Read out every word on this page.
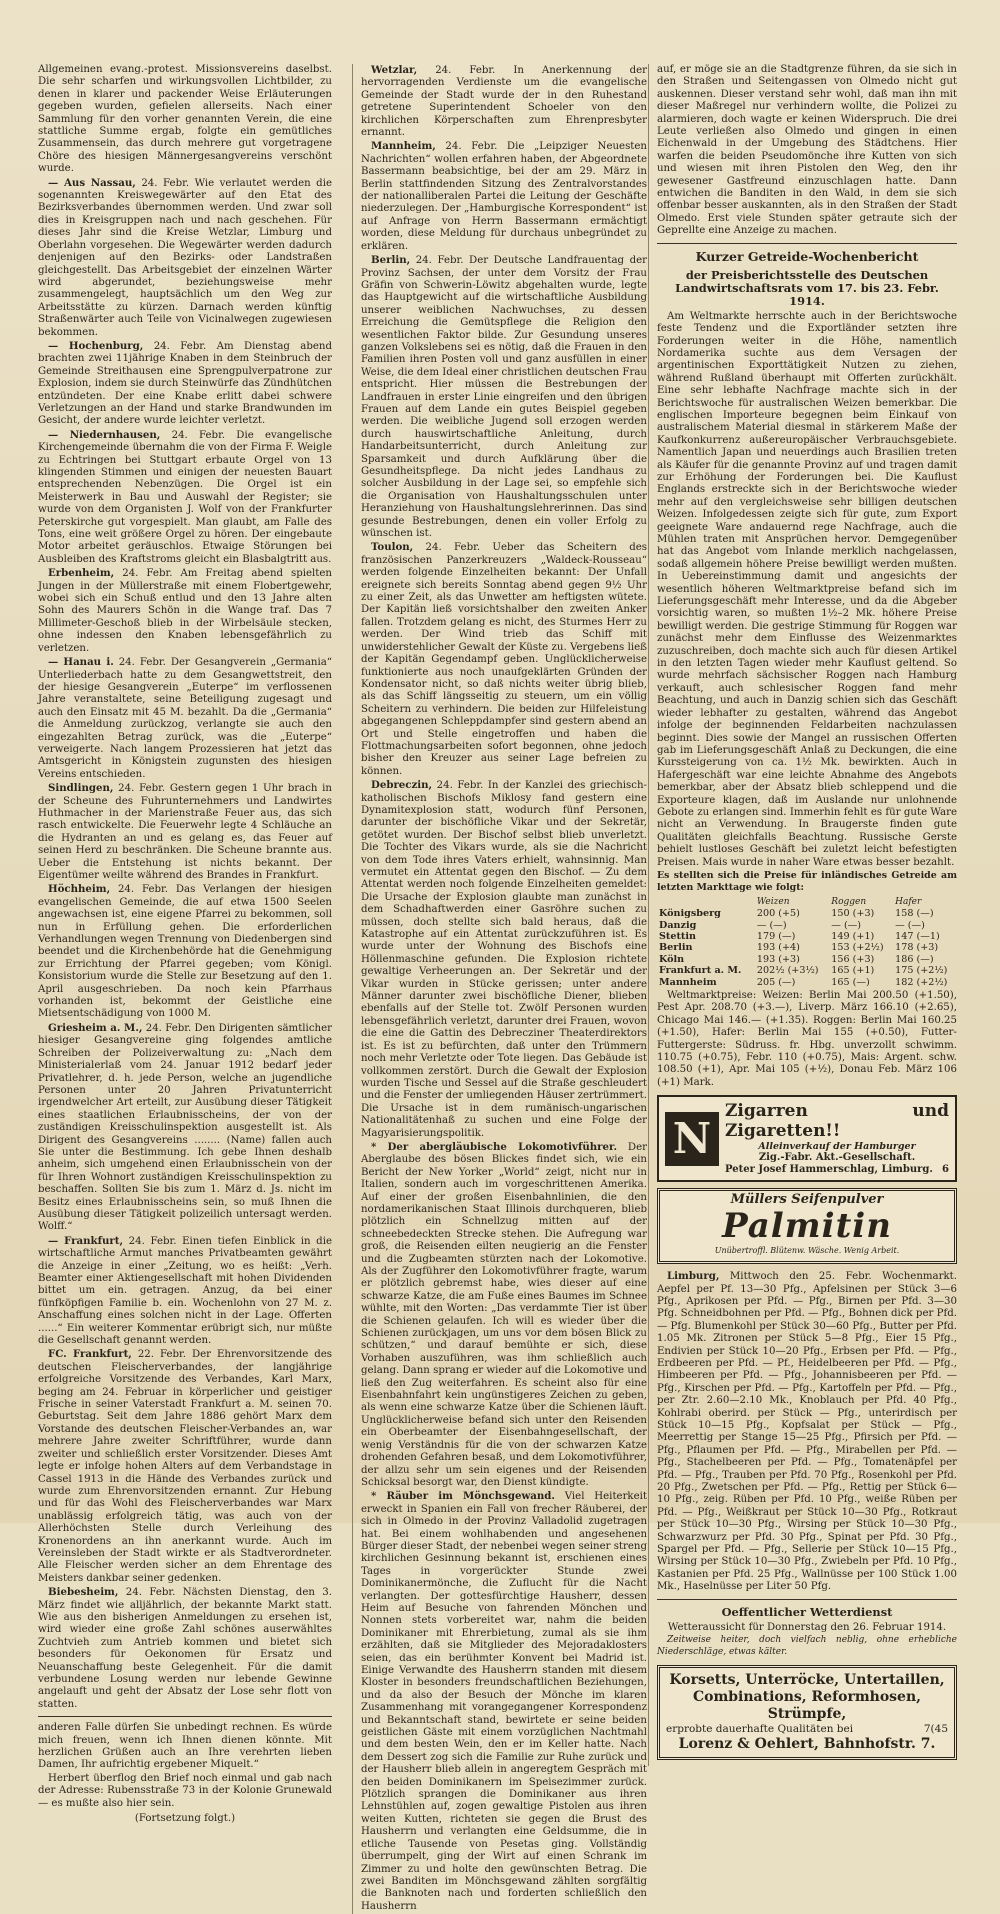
Allgemeinen evang.-protest. Missionsvereins daselbst. Die sehr scharfen und wirkungsvollen Lichtbilder, zu denen in klarer und packender Weise Erläuterungen gegeben wurden, gefielen allerseits. Nach einer Sammlung für den vorher genannten Verein, die eine stattliche Summe ergab, folgte ein gemütliches Zusammensein, das durch mehrere gut vorgetragene Chöre des hiesigen Männergesangvereins verschönt wurde.

— Aus Nassau, 24. Febr. Wie verlautet werden die sogenannten Kreiswegewärter auf den Etat des Bezirksverbandes übernommen werden. Und zwar soll dies in Kreisgruppen nach und nach geschehen. Für dieses Jahr sind die Kreise Wetzlar, Limburg und Oberlahn vorgesehen. Die Wegewärter werden dadurch denjenigen auf den Bezirks- oder Landstraßen gleichgestellt. Das Arbeitsgebiet der einzelnen Wärter wird abgerundet, beziehungsweise mehr zusammengelegt, hauptsächlich um den Weg zur Arbeitsstätte zu kürzen. Darnach werden künftig Straßenwärter auch Teile von Vicinalwegen zugewiesen bekommen.

— Hochenburg, 24. Febr. Am Dienstag abend brachten zwei 11jährige Knaben in dem Steinbruch der Gemeinde Streithausen eine Sprengpulverpatrone zur Explosion, indem sie durch Steinwürfe das Zündhütchen entzündeten. Der eine Knabe erlitt dabei schwere Verletzungen an der Hand und starke Brandwunden im Gesicht, der andere wurde leichter verletzt.

— Niedernhausen, 24. Febr. Die evangelische Kirchengemeinde übernahm die von der Firma F. Weigle zu Echtringen bei Stuttgart erbaute Orgel von 13 klingenden Stimmen und einigen der neuesten Bauart entsprechenden Nebenzügen. Die Orgel ist ein Meisterwerk in Bau und Auswahl der Register; sie wurde von dem Organisten J. Wolf von der Frankfurter Peterskirche gut vorgespielt. Man glaubt, am Falle des Tons, eine weit größere Orgel zu hören. Der eingebaute Motor arbeitet geräuschlos. Etwaige Störungen bei Ausbleiben des Kraftstroms gleicht ein Blasbalgtritt aus.

Erbenheim, 24. Febr. Am Freitag abend spielten Jungen in der Müllerstraße mit einem Flobertgewehr, wobei sich ein Schuß entlud und den 13 Jahre alten Sohn des Maurers Schön in die Wange traf. Das 7 Millimeter-Geschoß blieb in der Wirbelsäule stecken, ohne indessen den Knaben lebensgefährlich zu verletzen.

— Hanau i. 24. Febr. Der Gesangverein „Germania“ Unterliederbach hatte zu dem Gesangwettstreit, den der hiesige Gesangverein „Euterpe“ im verflossenen Jahre veranstaltete, seine Beteiligung zugesagt und auch den Einsatz mit 45 M. bezahlt. Da die „Germania“ die Anmeldung zurückzog, verlangte sie auch den eingezahlten Betrag zurück, was die „Euterpe“ verweigerte. Nach langem Prozessieren hat jetzt das Amtsgericht in Königstein zugunsten des hiesigen Vereins entschieden.

Sindlingen, 24. Febr. Gestern gegen 1 Uhr brach in der Scheune des Fuhrunternehmers und Landwirtes Huthmacher in der Marienstraße Feuer aus, das sich rasch entwickelte. Die Feuerwehr legte 4 Schläuche an die Hydranten an und es gelang es, das Feuer auf seinen Herd zu beschränken. Die Scheune brannte aus. Ueber die Entstehung ist nichts bekannt. Der Eigentümer weilte während des Brandes in Frankfurt.

Höchheim, 24. Febr. Das Verlangen der hiesigen evangelischen Gemeinde, die auf etwa 1500 Seelen angewachsen ist, eine eigene Pfarrei zu bekommen, soll nun in Erfüllung gehen. Die erforderlichen Verhandlungen wegen Trennung von Diedenbergen sind beendet und die Kirchenbehörde hat die Genehmigung zur Errichtung der Pfarrei gegeben; vom Königl. Konsistorium wurde die Stelle zur Besetzung auf den 1. April ausgeschrieben. Da noch kein Pfarrhaus vorhanden ist, bekommt der Geistliche eine Mietsentschädigung von 1000 M.

Griesheim a. M., 24. Febr. Den Dirigenten sämtlicher hiesiger Gesangvereine ging folgendes amtliche Schreiben der Polizeiverwaltung zu: „Nach dem Ministerialerlaß vom 24. Januar 1912 bedarf jeder Privatlehrer, d. h. jede Person, welche an jugendliche Personen unter 20 Jahren Privatunterricht irgendwelcher Art erteilt, zur Ausübung dieser Tätigkeit eines staatlichen Erlaubnisscheins, der von der zuständigen Kreisschulinspektion ausgestellt ist. Als Dirigent des Gesangvereins ........ (Name) fallen auch Sie unter die Bestimmung. Ich gebe Ihnen deshalb anheim, sich umgehend einen Erlaubnisschein von der für Ihren Wohnort zuständigen Kreisschulinspektion zu beschaffen. Sollten Sie bis zum 1. März d. Js. nicht im Besitz eines Erlaubnisscheins sein, so muß Ihnen die Ausübung dieser Tätigkeit polizeilich untersagt werden. Wolff.“

— Frankfurt, 24. Febr. Einen tiefen Einblick in die wirtschaftliche Armut manches Privatbeamten gewährt die Anzeige in einer „Zeitung, wo es heißt: „Verh. Beamter einer Aktiengesellschaft mit hohen Dividenden bittet um ein. getragen. Anzug, da bei einer fünfköpfigen Familie b. ein. Wochenlohn von 27 M. z. Anschaffung eines solchen nicht in der Lage. Offerten ......“ Ein weiterer Kommentar erübrigt sich, nur müßte die Gesellschaft genannt werden.

FC. Frankfurt, 22. Febr. Der Ehrenvorsitzende des deutschen Fleischerverbandes, der langjährige erfolgreiche Vorsitzende des Verbandes, Karl Marx, beging am 24. Februar in körperlicher und geistiger Frische in seiner Vaterstadt Frankfurt a. M. seinen 70. Geburtstag. Seit dem Jahre 1886 gehört Marx dem Vorstande des deutschen Fleischer-Verbandes an, war mehrere Jahre zweiter Schriftführer, wurde dann zweiter und schließlich erster Vorsitzender. Dieses Amt legte er infolge hohen Alters auf dem Verbandstage in Cassel 1913 in die Hände des Verbandes zurück und wurde zum Ehrenvorsitzenden ernannt. Zur Hebung und für das Wohl des Fleischerverbandes war Marx unablässig erfolgreich tätig, was auch von der Allerhöchsten Stelle durch Verleihung des Kronenordens an ihn anerkannt wurde. Auch im Vereinsleben der Stadt wirkte er als Stadtverordneter. Alle Fleischer werden sicher an dem Ehrentage des Meisters dankbar seiner gedenken.

Biebesheim, 24. Febr. Nächsten Dienstag, den 3. März findet wie alljährlich, der bekannte Markt statt. Wie aus den bisherigen Anmeldungen zu ersehen ist, wird wieder eine große Zahl schönes auserwähltes Zuchtvieh zum Antrieb kommen und bietet sich besonders für Oekonomen für Ersatz und Neuanschaffung beste Gelegenheit. Für die damit verbundene Losung werden nur lebende Gewinne angelauft und geht der Absatz der Lose sehr flott von statten.

anderen Falle dürfen Sie unbedingt rechnen. Es würde mich freuen, wenn ich Ihnen dienen könnte. Mit herzlichen Grüßen auch an Ihre verehrten lieben Damen, Ihr aufrichtig ergebener Miquelt.“

Herbert überflog den Brief noch einmal und gab nach der Adresse: Rubensstraße 73 in der Kolonie Grunewald — es mußte also hier sein.

(Fortsetzung folgt.)

Wetzlar, 24. Febr. In Anerkennung der hervorragenden Verdienste um die evangelische Gemeinde der Stadt wurde der in den Ruhestand getretene Superintendent Schoeler von den kirchlichen Körperschaften zum Ehrenpresbyter ernannt.

Mannheim, 24. Febr. Die „Leipziger Neuesten Nachrichten“ wollen erfahren haben, der Abgeordnete Bassermann beabsichtige, bei der am 29. März in Berlin stattfindenden Sitzung des Zentralvorstandes der nationalliberalen Partei die Leitung der Geschäfte niederzulegen. Der „Hamburgische Korrespondent“ ist auf Anfrage von Herrn Bassermann ermächtigt worden, diese Meldung für durchaus unbegründet zu erklären.

Berlin, 24. Febr. Der Deutsche Landfrauentag der Provinz Sachsen, der unter dem Vorsitz der Frau Gräfin von Schwerin-Löwitz abgehalten wurde, legte das Hauptgewicht auf die wirtschaftliche Ausbildung unserer weiblichen Nachwuchses, zu dessen Erreichung die Gemütspflege die Religion den wesentlichen Faktor bilde. Zur Gesundung unseres ganzen Volkslebens sei es nötig, daß die Frauen in den Familien ihren Posten voll und ganz ausfüllen in einer Weise, die dem Ideal einer christlichen deutschen Frau entspricht. Hier müssen die Bestrebungen der Landfrauen in erster Linie eingreifen und den übrigen Frauen auf dem Lande ein gutes Beispiel gegeben werden. Die weibliche Jugend soll erzogen werden durch hauswirtschaftliche Anleitung, durch Handarbeitsunterricht, durch Anleitung zur Sparsamkeit und durch Aufklärung über die Gesundheitspflege. Da nicht jedes Landhaus zu solcher Ausbildung in der Lage sei, so empfehle sich die Organisation von Haushaltungsschulen unter Heranziehung von Haushaltungslehrerinnen. Das sind gesunde Bestrebungen, denen ein voller Erfolg zu wünschen ist.

Toulon, 24. Febr. Ueber das Scheitern des französischen Panzerkreuzers „Waldeck-Rousseau“ werden folgende Einzelheiten bekannt: Der Unfall ereignete sich bereits Sonntag abend gegen 9½ Uhr zu einer Zeit, als das Unwetter am heftigsten wütete. Der Kapitän ließ vorsichtshalber den zweiten Anker fallen. Trotzdem gelang es nicht, des Sturmes Herr zu werden. Der Wind trieb das Schiff mit unwiderstehlicher Gewalt der Küste zu. Vergebens ließ der Kapitän Gegendampf geben. Unglücklicherweise funktionierte aus noch unaufgeklärten Gründen der Kondensator nicht, so daß nichts weiter übrig blieb, als das Schiff längsseitig zu steuern, um ein völlig Scheitern zu verhindern. Die beiden zur Hilfeleistung abgegangenen Schleppdampfer sind gestern abend an Ort und Stelle eingetroffen und haben die Flottmachungsarbeiten sofort begonnen, ohne jedoch bisher den Kreuzer aus seiner Lage befreien zu können.

Debreczin, 24. Febr. In der Kanzlei des griechisch-katholischen Bischofs Miklosy fand gestern eine Dynamitexplosion statt, wodurch fünf Personen, darunter der bischöfliche Vikar und der Sekretär, getötet wurden. Der Bischof selbst blieb unverletzt. Die Tochter des Vikars wurde, als sie die Nachricht von dem Tode ihres Vaters erhielt, wahnsinnig. Man vermutet ein Attentat gegen den Bischof. — Zu dem Attentat werden noch folgende Einzelheiten gemeldet: Die Ursache der Explosion glaubte man zunächst in dem Schadhaftwerden einer Gasröhre suchen zu müssen, doch stellte sich bald heraus, daß die Katastrophe auf ein Attentat zurückzuführen ist. Es wurde unter der Wohnung des Bischofs eine Höllenmaschine gefunden. Die Explosion richtete gewaltige Verheerungen an. Der Sekretär und der Vikar wurden in Stücke gerissen; unter andere Männer darunter zwei bischöfliche Diener, blieben ebenfalls auf der Stelle tot. Zwölf Personen wurden lebensgefährlich verletzt, darunter drei Frauen, wovon die eine die Gattin des Debrecziner Theaterdirektors ist. Es ist zu befürchten, daß unter den Trümmern noch mehr Verletzte oder Tote liegen. Das Gebäude ist vollkommen zerstört. Durch die Gewalt der Explosion wurden Tische und Sessel auf die Straße geschleudert und die Fenster der umliegenden Häuser zertrümmert. Die Ursache ist in dem rumänisch-ungarischen Nationalitätenhaß zu suchen und eine Folge der Magyarisierungspolitik.

* Der abergläubische Lokomotivführer. Der Aberglaube des bösen Blickes findet sich, wie ein Bericht der New Yorker „World“ zeigt, nicht nur in Italien, sondern auch im vorgeschrittenen Amerika. Auf einer der großen Eisenbahnlinien, die den nordamerikanischen Staat Illinois durchqueren, blieb plötzlich ein Schnellzug mitten auf der schneebedeckten Strecke stehen. Die Aufregung war groß, die Reisenden eilten neugierig an die Fenster und die Zugbeamten stürzten nach der Lokomotive. Als der Zugführer den Lokomotivführer fragte, warum er plötzlich gebremst habe, wies dieser auf eine schwarze Katze, die am Fuße eines Baumes im Schnee wühlte, mit den Worten: „Das verdammte Tier ist über die Schienen gelaufen. Ich will es wieder über die Schienen zurückjagen, um uns vor dem bösen Blick zu schützen,“ und darauf bemühte er sich, diese Vorhaben auszuführen, was ihm schließlich auch gelang. Dann sprang er wieder auf die Lokomotive und ließ den Zug weiterfahren. Es scheint also für eine Eisenbahnfahrt kein ungünstigeres Zeichen zu geben, als wenn eine schwarze Katze über die Schienen läuft. Unglücklicherweise befand sich unter den Reisenden ein Oberbeamter der Eisenbahngesellschaft, der wenig Verständnis für die von der schwarzen Katze drohenden Gefahren besaß, und dem Lokomotivführer, der allzu sehr um sein eigenes und der Reisenden Schicksal besorgt war, den Dienst kündigte.

* Räuber im Mönchsgewand. Viel Heiterkeit erweckt in Spanien ein Fall von frecher Räuberei, der sich in Olmedo in der Provinz Valladolid zugetragen hat. Bei einem wohlhabenden und angesehenen Bürger dieser Stadt, der nebenbei wegen seiner streng kirchlichen Gesinnung bekannt ist, erschienen eines Tages in vorgerückter Stunde zwei Dominikanermönche, die Zuflucht für die Nacht verlangten. Der gottesfürchtige Hausherr, dessen Heim auf Besuche von fahrenden Mönchen und Nonnen stets vorbereitet war, nahm die beiden Dominikaner mit Ehrerbietung, zumal als sie ihm erzählten, daß sie Mitglieder des Mejoradaklosters seien, das ein berühmter Konvent bei Madrid ist. Einige Verwandte des Hausherrn standen mit diesem Kloster in besonders freundschaftlichen Beziehungen, und da also der Besuch der Mönche im klaren Zusammenhang mit vorangegangener Korrespondenz und Bekanntschaft stand, bewirtete er seine beiden geistlichen Gäste mit einem vorzüglichen Nachtmahl und dem besten Wein, den er im Keller hatte. Nach dem Dessert zog sich die Familie zur Ruhe zurück und der Hausherr blieb allein in angeregtem Gespräch mit den beiden Dominikanern im Speisezimmer zurück. Plötzlich sprangen die Dominikaner aus ihren Lehnstühlen auf, zogen gewaltige Pistolen aus ihren weiten Kutten, richteten sie gegen die Brust des Hausherrn und verlangten eine Geldsumme, die in etliche Tausende von Pesetas ging. Vollständig überrumpelt, ging der Wirt auf einen Schrank im Zimmer zu und holte den gewünschten Betrag. Die zwei Banditen im Mönchsgewand zählten sorgfältig die Banknoten nach und forderten schließlich den Hausherrn

auf, er möge sie an die Stadtgrenze führen, da sie sich in den Straßen und Seitengassen von Olmedo nicht gut auskennen. Dieser verstand sehr wohl, daß man ihn mit dieser Maßregel nur verhindern wollte, die Polizei zu alarmieren, doch wagte er keinen Widerspruch. Die drei Leute verließen also Olmedo und gingen in einen Eichenwald in der Umgebung des Städtchens. Hier warfen die beiden Pseudomönche ihre Kutten von sich und wiesen mit ihren Pistolen den Weg, den ihr gewesener Gastfreund einzuschlagen hatte. Dann entwichen die Banditen in den Wald, in dem sie sich offenbar besser auskannten, als in den Straßen der Stadt Olmedo. Erst viele Stunden später getraute sich der Geprellte eine Anzeige zu machen.

Kurzer Getreide-Wochenbericht
der Preisberichtsstelle des Deutschen Landwirtschaftsrats vom 17. bis 23. Febr. 1914.

Am Weltmarkte herrschte auch in der Berichtswoche feste Tendenz und die Exportländer setzten ihre Forderungen weiter in die Höhe, namentlich Nordamerika suchte aus dem Versagen der argentinischen Exporttätigkeit Nutzen zu ziehen, während Rußland überhaupt mit Offerten zurückhält. Eine sehr lebhafte Nachfrage machte sich in der Berichtswoche für australischen Weizen bemerkbar. Die englischen Importeure begegnen beim Einkauf von australischem Material diesmal in stärkerem Maße der Kaufkonkurrenz außereuropäischer Verbrauchsgebiete. Namentlich Japan und neuerdings auch Brasilien treten als Käufer für die genannte Provinz auf und tragen damit zur Erhöhung der Forderungen bei. Die Kauflust Englands erstreckte sich in der Berichtswoche wieder mehr auf den vergleichsweise sehr billigen deutschen Weizen. Infolgedessen zeigte sich für gute, zum Export geeignete Ware andauernd rege Nachfrage, auch die Mühlen traten mit Ansprüchen hervor. Demgegenüber hat das Angebot vom Inlande merklich nachgelassen, sodaß allgemein höhere Preise bewilligt werden mußten. In Uebereinstimmung damit und angesichts der wesentlich höheren Weltmarktpreise befand sich im Lieferungsgeschäft mehr Interesse, und da die Abgeber vorsichtig waren, so mußten 1½–2 Mk. höhere Preise bewilligt werden. Die gestrige Stimmung für Roggen war zunächst mehr dem Einflusse des Weizenmarktes zuzuschreiben, doch machte sich auch für diesen Artikel in den letzten Tagen wieder mehr Kauflust geltend. So wurde mehrfach sächsischer Roggen nach Hamburg verkauft, auch schlesischer Roggen fand mehr Beachtung, und auch in Danzig schien sich das Geschäft wieder lebhafter zu gestalten, während das Angebot infolge der beginnenden Feldarbeiten nachzulassen beginnt. Dies sowie der Mangel an russischen Offerten gab im Lieferungsgeschäft Anlaß zu Deckungen, die eine Kurssteigerung von ca. 1½ Mk. bewirkten. Auch in Hafergeschäft war eine leichte Abnahme des Angebots bemerkbar, aber der Absatz blieb schleppend und die Exporteure klagen, daß im Auslande nur unlohnende Gebote zu erlangen sind. Immerhin fehlt es für gute Ware nicht an Verwendung. In Braugerste finden gute Qualitäten gleichfalls Beachtung. Russische Gerste behielt lustloses Geschäft bei zuletzt leicht befestigten Preisen. Mais wurde in naher Ware etwas besser bezahlt.

Es stellten sich die Preise für inländisches Getreide am letzten Markttage wie folgt:

	Weizen	Roggen	Hafer
Königsberg	200 (+5)	150 (+3)	158 (—)
Danzig	— (—)	— (—)	— (—)
Stettin	179 (—)	149 (+1)	147 (—1)
Berlin	193 (+4)	153 (+2½)	178 (+3)
Köln	193 (+3)	156 (+3)	186 (—)
Frankfurt a. M.	202½ (+3½)	165 (+1)	175 (+2½)
Mannheim	205 (—)	165 (—)	182 (+2½)

Weltmarktpreise: Weizen: Berlin Mai 200.50 (+1.50), Pest Apr. 208.70 (+3.—), Liverp. März 166.10 (+2.65), Chicago Mai 146.— (+1.35). Roggen: Berlin Mai 160.25 (+1.50), Hafer: Berlin Mai 155 (+0.50), Futter-Futtergerste: Südruss. fr. Hbg. unverzollt schwimm. 110.75 (+0.75), Febr. 110 (+0.75), Mais: Argent. schw. 108.50 (+1), Apr. Mai 105 (+½), Donau Feb. März 106 (+1) Mark.

N
Zigarren und Zigaretten!!
Alleinverkauf der Hamburger
Zig.-Fabr. Akt.-Gesellschaft.
Peter Josef Hammerschlag, Limburg. 6
Müllers Seifenpulver
Palmitin
Unübertroffl. Blütenw. Wäsche. Wenig Arbeit.

Limburg, Mittwoch den 25. Febr. Wochenmarkt. Aepfel per Pf. 13—30 Pfg., Apfelsinen per Stück 3—6 Pfg., Aprikosen per Pfd. — Pfg., Birnen per Pfd. 3—30 Pfg. Schneidbohnen per Pfd. — Pfg., Bohnen dick per Pfd. — Pfg. Blumenkohl per Stück 30—60 Pfg., Butter per Pfd. 1.05 Mk. Zitronen per Stück 5—8 Pfg., Eier 15 Pfg., Endivien per Stück 10—20 Pfg., Erbsen per Pfd. — Pfg., Erdbeeren per Pfd. — Pf., Heidelbeeren per Pfd. — Pfg., Himbeeren per Pfd. — Pfg., Johannisbeeren per Pfd. — Pfg., Kirschen per Pfd. — Pfg., Kartoffeln per Pfd. — Pfg., per Ztr. 2.60—2.10 Mk., Knoblauch per Pfd. 40 Pfg., Kohlrabi oberird. per Stück — Pfg., unterirdisch per Stück 10—15 Pfg., Kopfsalat per Stück — Pfg., Meerrettig per Stange 15—25 Pfg., Pfirsich per Pfd. — Pfg., Pflaumen per Pfd. — Pfg., Mirabellen per Pfd. — Pfg., Stachelbeeren per Pfd. — Pfg., Tomatenäpfel per Pfd. — Pfg., Trauben per Pfd. 70 Pfg., Rosenkohl per Pfd. 20 Pfg., Zwetschen per Pfd. — Pfg., Rettig per Stück 6—10 Pfg., zeig. Rüben per Pfd. 10 Pfg., weiße Rüben per Pfd. — Pfg., Weißkraut per Stück 10—30 Pfg., Rotkraut per Stück 10—30 Pfg., Wirsing per Stück 10—30 Pfg., Schwarzwurz per Pfd. 30 Pfg., Spinat per Pfd. 30 Pfg., Spargel per Pfd. — Pfg., Sellerie per Stück 10—15 Pfg., Wirsing per Stück 10—30 Pfg., Zwiebeln per Pfd. 10 Pfg., Kastanien per Pfd. 25 Pfg., Wallnüsse per 100 Stück 1.00 Mk., Haselnüsse per Liter 50 Pfg.

Oeffentlicher Wetterdienst
Wetteraussicht für Donnerstag den 26. Februar 1914.

Zeitweise heiter, doch vielfach neblig, ohne erhebliche Niederschläge, etwas kälter.

Korsetts, Unterröcke, Untertaillen,
Combinations, Reformhosen,
Strümpfe,
erprobte dauerhafte Qualitäten bei	7(45
Lorenz & Oehlert, Bahnhofstr. 7.
